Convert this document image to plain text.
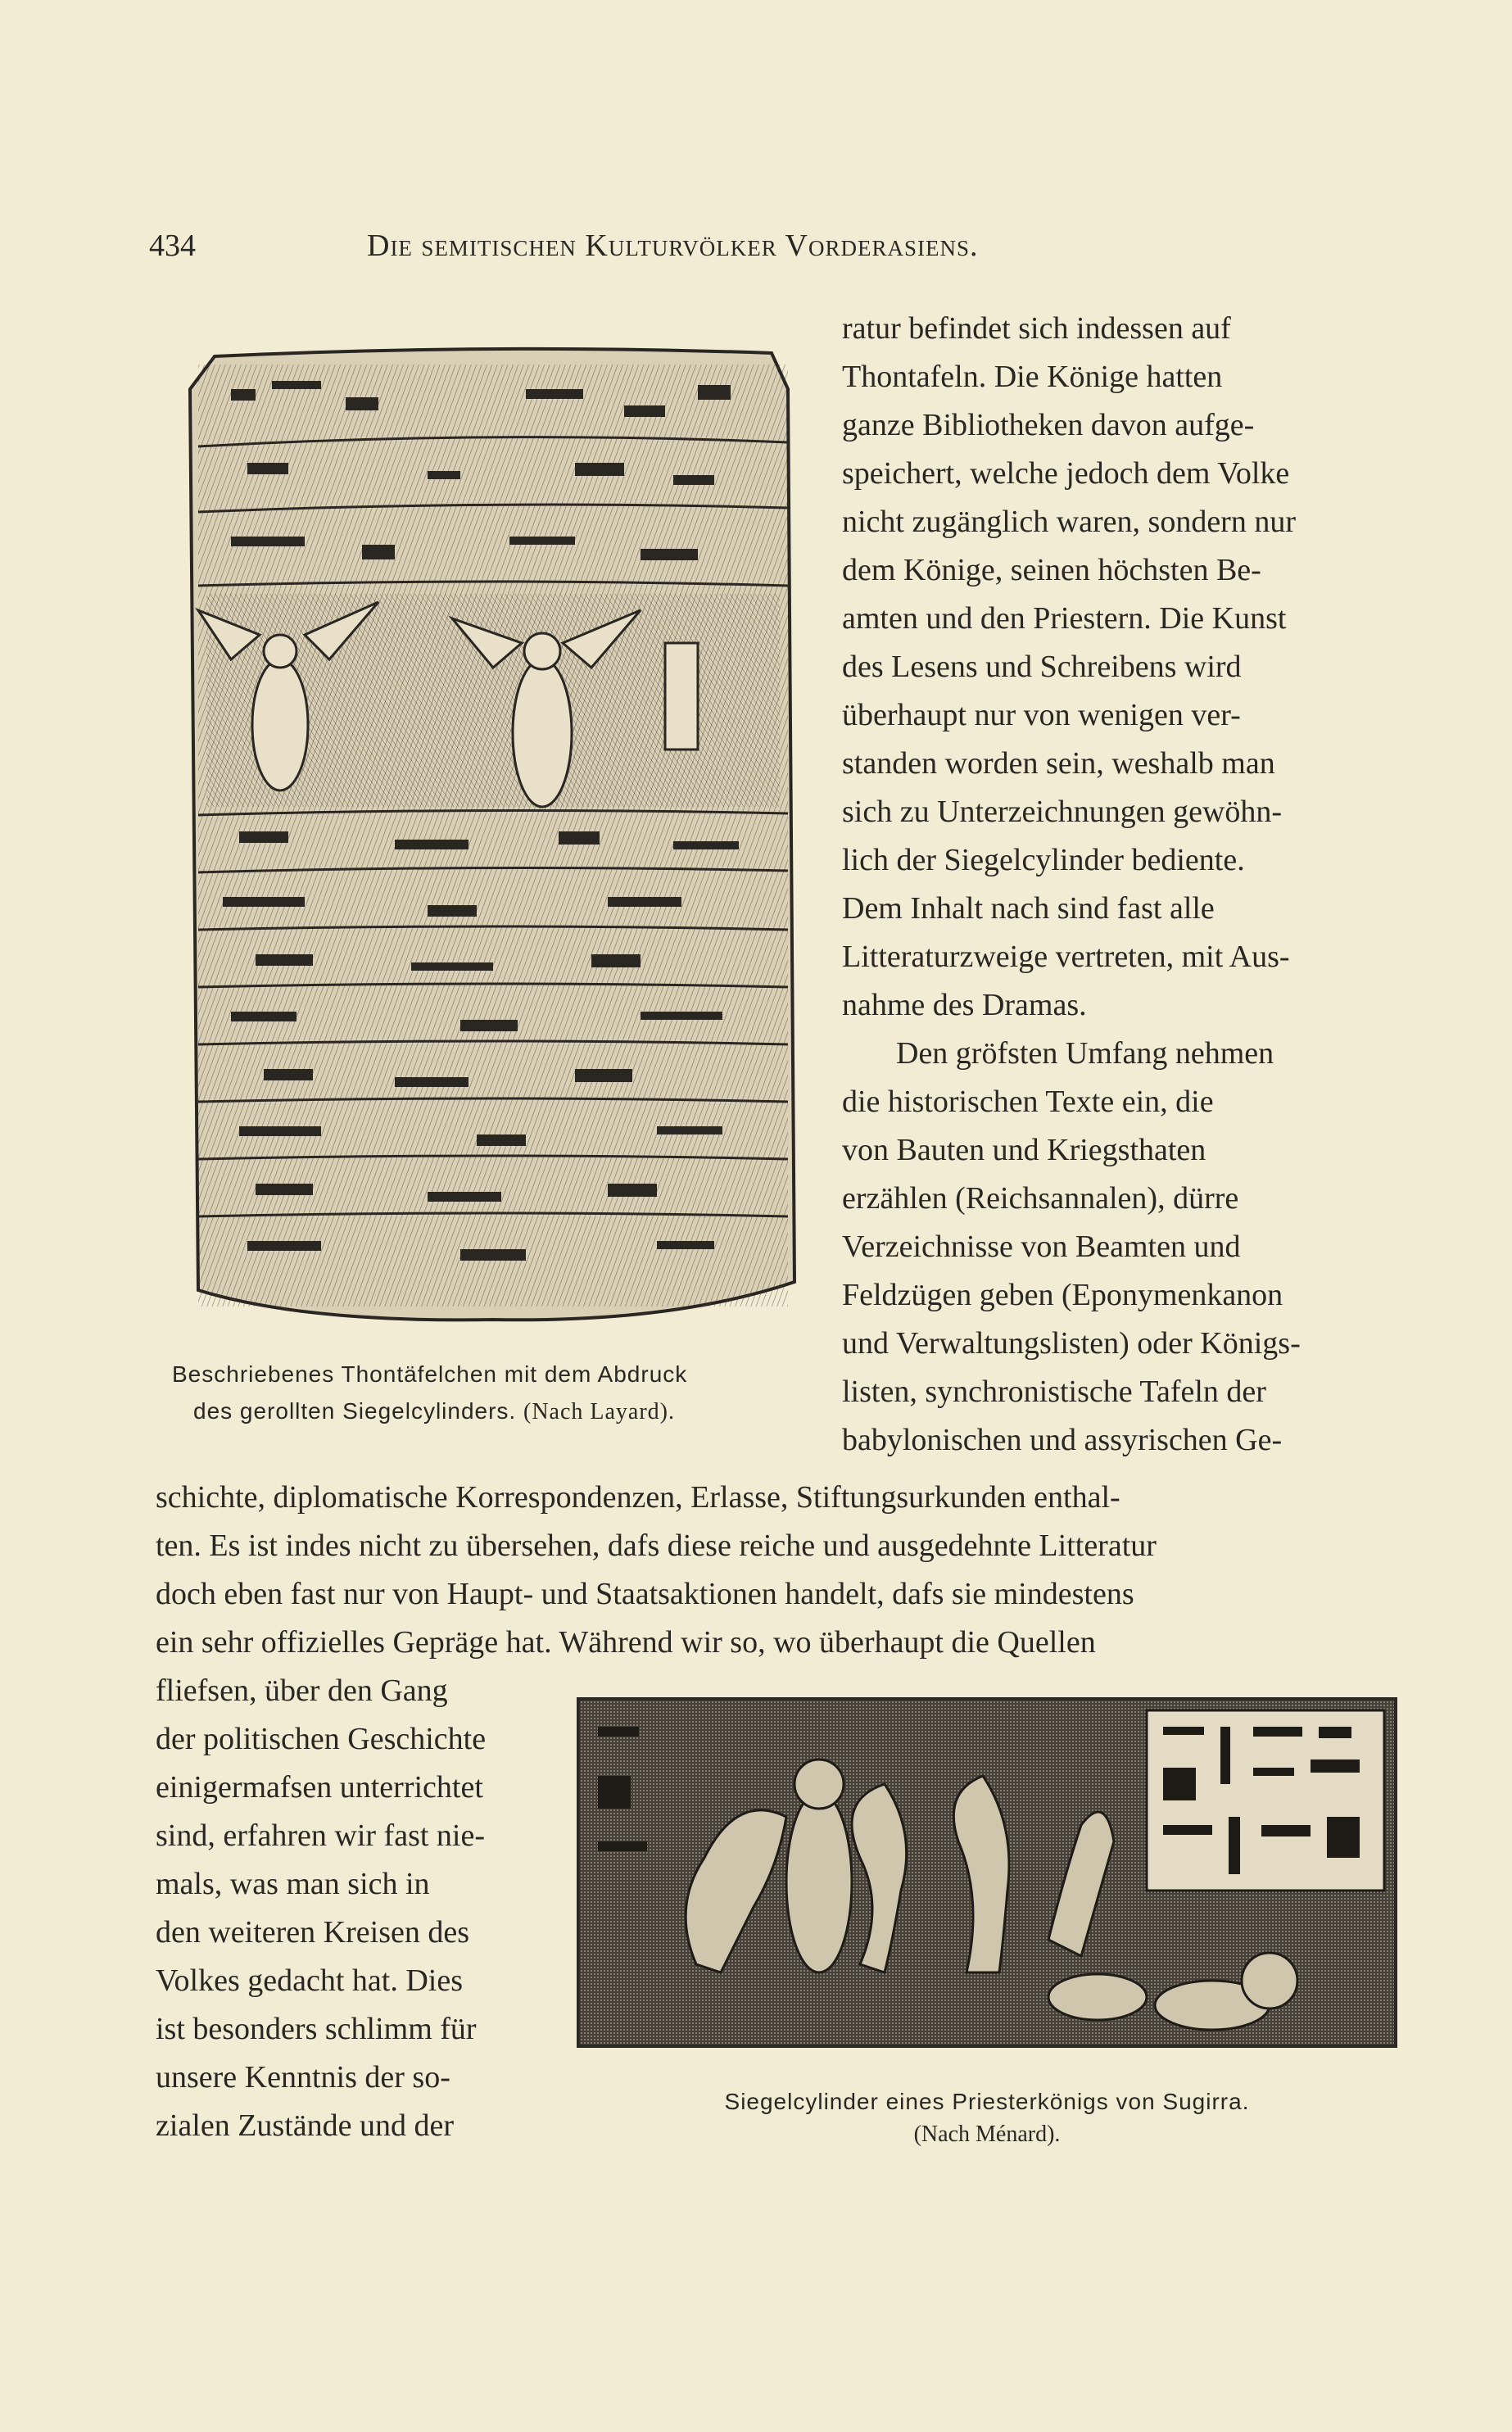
434	Die semitischen Kulturvölker Vorderasiens.
Beschriebenes Thontäfelchen mit dem Abdruck
des gerollten Siegelcylinders. (Nach Layard).
ratur befindet sich indessen auf
Thontafeln. Die Könige hatten
ganze Bibliotheken davon aufge-
speichert, welche jedoch dem Volke
nicht zugänglich waren, sondern nur
dem Könige, seinen höchsten Be-
amten und den Priestern. Die Kunst
des Lesens und Schreibens wird
überhaupt nur von wenigen ver-
standen worden sein, weshalb man
sich zu Unterzeichnungen gewöhn-
lich der Siegelcylinder bediente.
Dem Inhalt nach sind fast alle
Litteraturzweige vertreten, mit Aus-
nahme des Dramas.
Den gröfsten Umfang nehmen
die historischen Texte ein, die
von Bauten und Kriegsthaten
erzählen (Reichsannalen), dürre
Verzeichnisse von Beamten und
Feldzügen geben (Eponymenkanon
und Verwaltungslisten) oder Königs-
listen, synchronistische Tafeln der
babylonischen und assyrischen Ge-
schichte, diplomatische Korrespondenzen, Erlasse, Stiftungsurkunden enthal-
ten. Es ist indes nicht zu übersehen, dafs diese reiche und ausgedehnte Litteratur
doch eben fast nur von Haupt- und Staatsaktionen handelt, dafs sie mindestens
ein sehr offizielles Gepräge hat. Während wir so, wo überhaupt die Quellen
fliefsen, über den Gang
der politischen Geschichte
einigermafsen unterrichtet
sind, erfahren wir fast nie-
mals, was man sich in
den weiteren Kreisen des
Volkes gedacht hat. Dies
ist besonders schlimm für
unsere Kenntnis der so-
zialen Zustände und der
Siegelcylinder eines Priesterkönigs von Sugirra.
(Nach Ménard).
